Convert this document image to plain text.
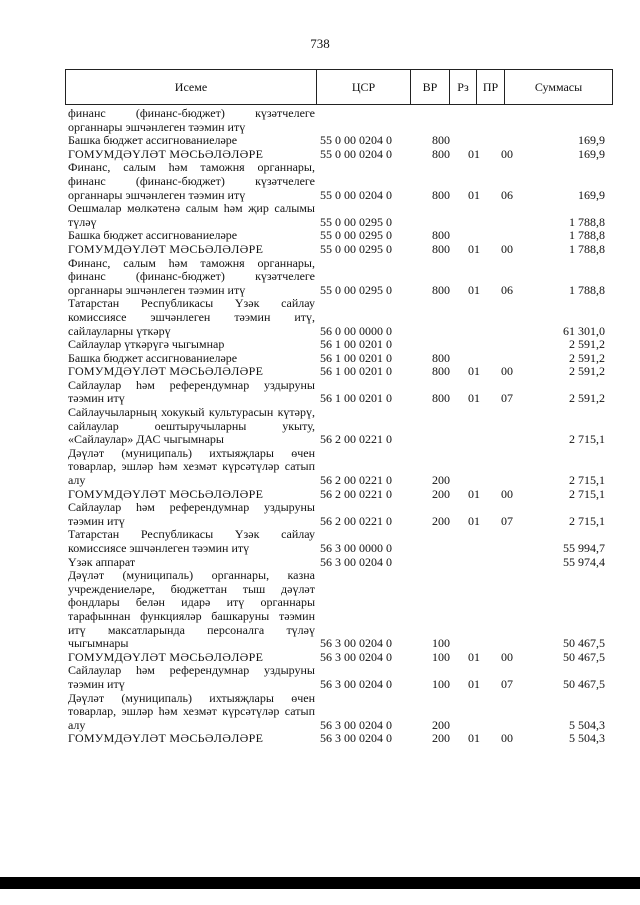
738
Исеме	ЦСР	ВР	Рз	ПР	Суммасы
финанс (финанс-бюджет) күзәтчелеге органнары эшчәнлеген тәэмин итү
Башка бюджет ассигнованиеләре	55 0 00 0204 0	800	169,9
ГОМУМДӘҮЛӘТ МӘСЬӘЛӘЛӘРЕ	55 0 00 0204 0	800	01	00	169,9
Финанс, салым һәм таможня органнары, финанс (финанс-бюджет) күзәтчелеге органнары эшчәнлеген тәэмин итү	55 0 00 0204 0	800	01	06	169,9
Оешмалар мөлкәтенә салым һәм җир салымы түләү	55 0 00 0295 0	1 788,8
Башка бюджет ассигнованиеләре	55 0 00 0295 0	800	1 788,8
ГОМУМДӘҮЛӘТ МӘСЬӘЛӘЛӘРЕ	55 0 00 0295 0	800	01	00	1 788,8
Финанс, салым һәм таможня органнары, финанс (финанс-бюджет) күзәтчелеге органнары эшчәнлеген тәэмин итү	55 0 00 0295 0	800	01	06	1 788,8
Татарстан Республикасы Үзәк сайлау комиссиясе эшчәнлеген тәэмин итү, сайлауларны үткәрү	56 0 00 0000 0	61 301,0
Сайлаулар үткәрүгә чыгымнар	56 1 00 0201 0	2 591,2
Башка бюджет ассигнованиеләре	56 1 00 0201 0	800	2 591,2
ГОМУМДӘҮЛӘТ МӘСЬӘЛӘЛӘРЕ	56 1 00 0201 0	800	01	00	2 591,2
Сайлаулар һәм референдумнар уздыруны тәэмин итү	56 1 00 0201 0	800	01	07	2 591,2
Сайлаучыларның хокукый культурасын күтәрү, сайлаулар оештыручыларны укыту, «Сайлаулар» ДАС чыгымнары	56 2 00 0221 0	2 715,1
Дәүләт (муниципаль) ихтыяҗлары өчен товарлар, эшләр һәм хезмәт күрсәтүләр сатып алу	56 2 00 0221 0	200	2 715,1
ГОМУМДӘҮЛӘТ МӘСЬӘЛӘЛӘРЕ	56 2 00 0221 0	200	01	00	2 715,1
Сайлаулар һәм референдумнар уздыруны тәэмин итү	56 2 00 0221 0	200	01	07	2 715,1
Татарстан Республикасы Үзәк сайлау комиссиясе эшчәнлеген тәэмин итү	56 3 00 0000 0	55 994,7
Үзәк аппарат	56 3 00 0204 0	55 974,4
Дәүләт (муниципаль) органнары, казна учреждениеләре, бюджеттан тыш дәүләт фондлары белән идарә итү органнары тарафыннан функцияләр башкаруны тәэмин итү максатларында персоналга түләү чыгымнары	56 3 00 0204 0	100	50 467,5
ГОМУМДӘҮЛӘТ МӘСЬӘЛӘЛӘРЕ	56 3 00 0204 0	100	01	00	50 467,5
Сайлаулар һәм референдумнар уздыруны тәэмин итү	56 3 00 0204 0	100	01	07	50 467,5
Дәүләт (муниципаль) ихтыяҗлары өчен товарлар, эшләр һәм хезмәт күрсәтүләр сатып алу	56 3 00 0204 0	200	5 504,3
ГОМУМДӘҮЛӘТ МӘСЬӘЛӘЛӘРЕ	56 3 00 0204 0	200	01	00	5 504,3
